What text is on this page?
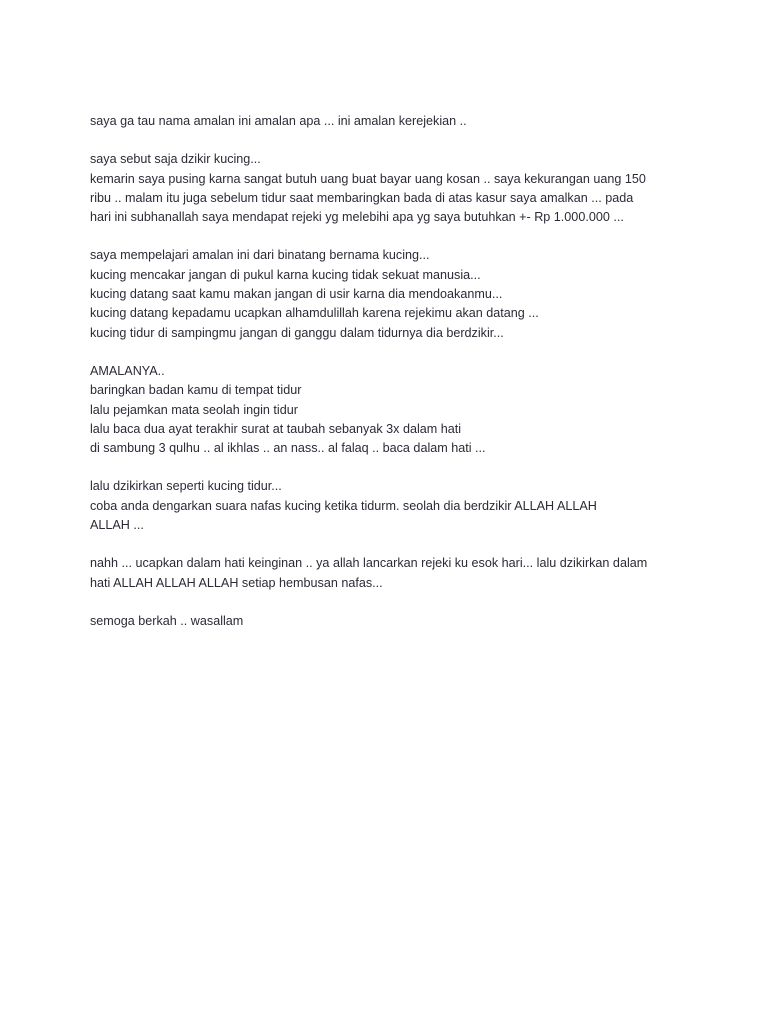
saya ga tau nama amalan ini amalan apa ... ini amalan kerejekian ..
saya sebut saja dzikir kucing...
kemarin saya pusing karna sangat butuh uang buat bayar uang kosan .. saya kekurangan uang 150
ribu .. malam itu juga sebelum tidur saat membaringkan bada di atas kasur saya amalkan ... pada
hari ini subhanallah saya mendapat rejeki yg melebihi apa yg saya butuhkan +- Rp 1.000.000 ...
saya mempelajari amalan ini dari binatang bernama kucing...
kucing mencakar jangan di pukul karna kucing tidak sekuat manusia...
kucing datang saat kamu makan jangan di usir karna dia mendoakanmu...
kucing datang kepadamu ucapkan alhamdulillah karena rejekimu akan datang ...
kucing tidur di sampingmu jangan di ganggu dalam tidurnya dia berdzikir...
AMALANYA..
baringkan badan kamu di tempat tidur
lalu pejamkan mata seolah ingin tidur
lalu baca dua ayat terakhir surat at taubah sebanyak 3x dalam hati
di sambung 3 qulhu .. al ikhlas .. an nass.. al falaq .. baca dalam hati ...
lalu dzikirkan seperti kucing tidur...
coba anda dengarkan suara nafas kucing ketika tidurm. seolah dia berdzikir ALLAH ALLAH
ALLAH ...
nahh ... ucapkan dalam hati keinginan .. ya allah lancarkan rejeki ku esok hari... lalu dzikirkan dalam
hati ALLAH ALLAH ALLAH setiap hembusan nafas...
semoga berkah .. wasallam
